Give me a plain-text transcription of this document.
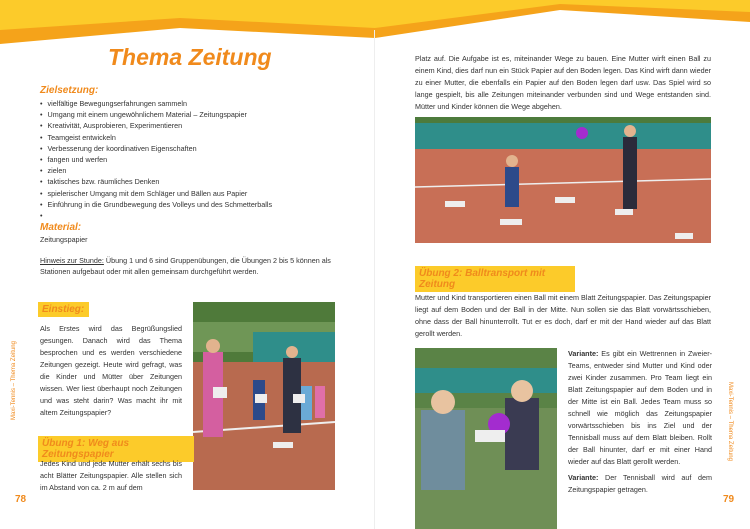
Thema Zeitung
Zielsetzung:
• vielfältige Bewegungserfahrungen sammeln
• Umgang mit einem ungewöhnlichem Material – Zeitungspapier
• Kreativität, Ausprobieren, Experimentieren
• Teamgeist entwickeln
• Verbesserung der koordinativen Eigenschaften
• fangen und werfen
• zielen
• taktisches bzw. räumliches Denken
• spielerischer Umgang mit dem Schläger und Bällen aus Papier
• Einführung in die Grundbewegung des Volleys und des Schmetterballs
•
Material:
Zeitungspapier
Hinweis zur Stunde: Übung 1 und 6 sind Gruppenübungen, die Übungen 2 bis 5 können als Stationen aufgebaut oder mit allen gemeinsam durchgeführt werden.
Einstieg:
Als Erstes wird das Begrüßungslied gesungen. Danach wird das Thema besprochen und es werden verschiedene Zeitungen gezeigt. Heute wird gefragt, was die Kinder und Mütter über Zeitungen wissen. Wer liest überhaupt noch Zeitungen und was steht darin? Was macht ihr mit altem Zeitungspapier?
Übung 1: Weg aus Zeitungspapier
Jedes Kind und jede Mutter erhält sechs bis acht Blätter Zeitungspapier. Alle stellen sich im Abstand von ca. 2 m auf dem
Maxi-Tennis – Thema Zeitung
78
Platz auf. Die Aufgabe ist es, miteinander Wege zu bauen. Eine Mutter wirft einen Ball zu einem Kind, dies darf nun ein Stück Papier auf den Boden legen. Das Kind wirft dann wieder zu einer Mutter, die ebenfalls ein Papier auf den Boden legen darf usw. Das Spiel wird so lange gespielt, bis alle Zeitungen miteinander verbunden sind und Wege entstanden sind. Mütter und Kinder können die Wege abgehen.
Übung 2: Balltransport mit Zeitung
Mutter und Kind transportieren einen Ball mit einem Blatt Zeitungspapier. Das Zeitungspapier liegt auf dem Boden und der Ball in der Mitte. Nun sollen sie das Blatt vorwärtsschieben, ohne dass der Ball hinunterrollt. Tut er es doch, darf er mit der Hand wieder auf das Blatt gerollt werden.
Variante: Es gibt ein Wettrennen in Zweier-Teams, entweder sind Mutter und Kind oder zwei Kinder zusammen. Pro Team liegt ein Blatt Zeitungspapier auf dem Boden und in der Mitte ist ein Ball. Jedes Team muss so schnell wie möglich das Zeitungspapier vorwärtsschieben bis ins Ziel und der Tennisball muss auf dem Blatt bleiben. Rollt der Ball hinunter, darf er mit einer Hand wieder auf das Blatt gerollt werden.
Variante: Der Tennisball wird auf dem Zeitungspapier getragen.
Maxi-Tennis – Thema Zeitung
79
